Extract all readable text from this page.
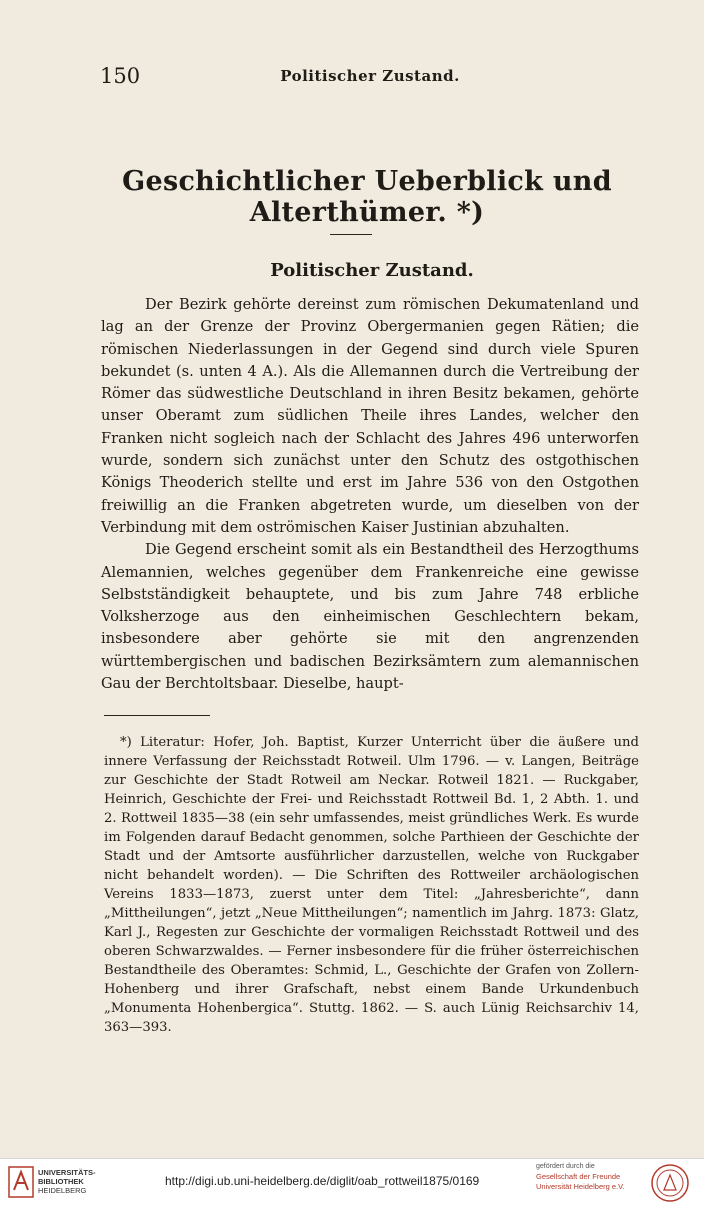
150	Politischer Zustand.
Geschichtlicher Ueberblick und Alterthümer. *)
Politischer Zustand.

Der Bezirk gehörte dereinst zum römischen Dekumatenland und lag an der Grenze der Provinz Obergermanien gegen Rätien; die römischen Niederlassungen in der Gegend sind durch viele Spuren bekundet (s. unten 4 A.). Als die Allemannen durch die Vertreibung der Römer das südwestliche Deutschland in ihren Besitz bekamen, gehörte unser Oberamt zum südlichen Theile ihres Landes, welcher den Franken nicht sogleich nach der Schlacht des Jahres 496 unterworfen wurde, sondern sich zunächst unter den Schutz des ostgothischen Königs Theoderich stellte und erst im Jahre 536 von den Ostgothen freiwillig an die Franken abgetreten wurde, um dieselben von der Verbindung mit dem oströmischen Kaiser Justinian abzuhalten.

Die Gegend erscheint somit als ein Bestandtheil des Herzogthums Alemannien, welches gegenüber dem Frankenreiche eine gewisse Selbstständigkeit behauptete, und bis zum Jahre 748 erbliche Volksherzoge aus den einheimischen Geschlechtern bekam, insbesondere aber gehörte sie mit den angrenzenden württembergischen und badischen Bezirksämtern zum alemannischen Gau der Berchtoltsbaar. Dieselbe, haupt-

*) Literatur: Hofer, Joh. Baptist, Kurzer Unterricht über die äußere und innere Verfassung der Reichsstadt Rotweil. Ulm 1796. — v. Langen, Beiträge zur Geschichte der Stadt Rotweil am Neckar. Rotweil 1821. — Ruckgaber, Heinrich, Geschichte der Frei- und Reichsstadt Rottweil Bd. 1, 2 Abth. 1. und 2. Rottweil 1835—38 (ein sehr umfassendes, meist gründliches Werk. Es wurde im Folgenden darauf Bedacht genommen, solche Parthieen der Geschichte der Stadt und der Amtsorte ausführlicher darzustellen, welche von Ruckgaber nicht behandelt worden). — Die Schriften des Rottweiler archäologischen Vereins 1833—1873, zuerst unter dem Titel: „Jahresberichte“, dann „Mittheilungen“, jetzt „Neue Mittheilungen“; namentlich im Jahrg. 1873: Glatz, Karl J., Regesten zur Geschichte der vormaligen Reichsstadt Rottweil und des oberen Schwarzwaldes. — Ferner insbesondere für die früher österreichischen Bestandtheile des Oberamtes: Schmid, L., Geschichte der Grafen von Zollern-Hohenberg und ihrer Grafschaft, nebst einem Bande Urkundenbuch „Monumenta Hohenbergica“. Stuttg. 1862. — S. auch Lünig Reichsarchiv 14, 363—393.

UNIVERSITÄTS-
BIBLIOTHEK
HEIDELBERG
http://digi.ub.uni-heidelberg.de/diglit/oab_rottweil1875/0169
gefördert durch die
Gesellschaft der Freunde
Universität Heidelberg e.V.
